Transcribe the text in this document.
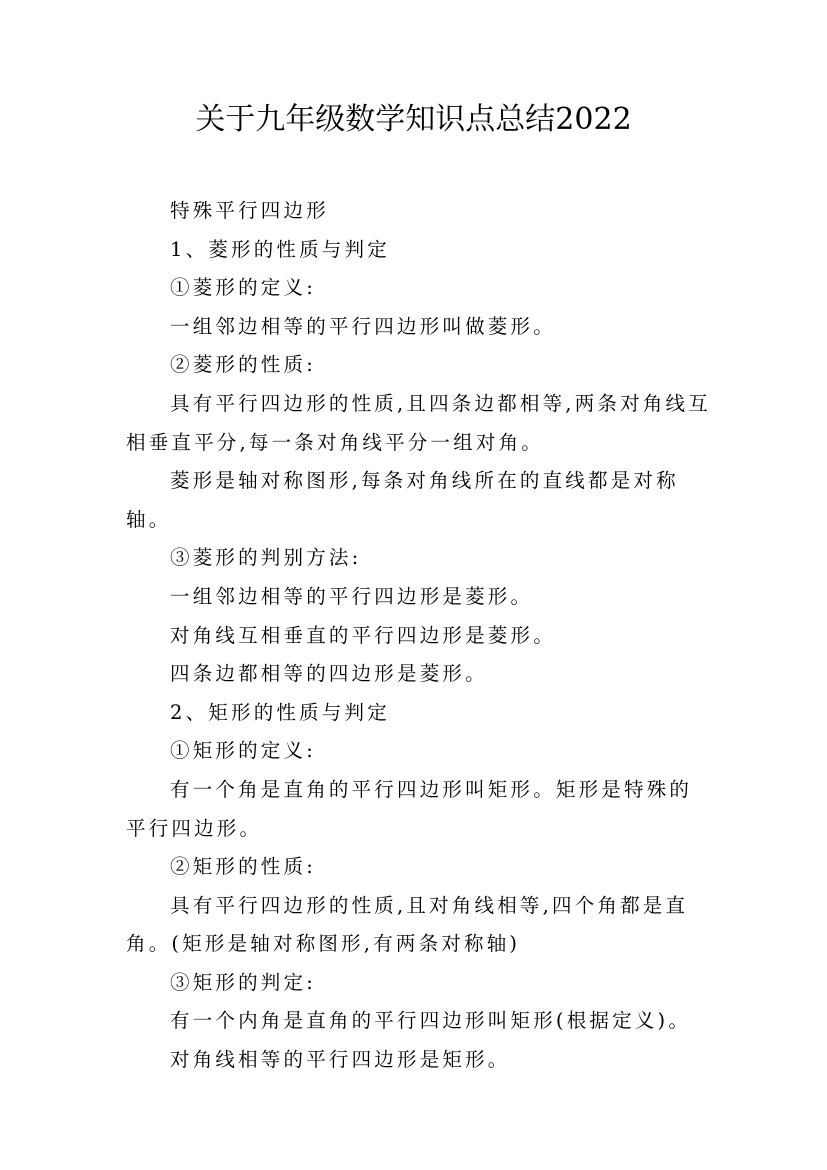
关于九年级数学知识点总结2022

特殊平行四边形

1、菱形的性质与判定

①菱形的定义:

一组邻边相等的平行四边形叫做菱形。

②菱形的性质:

具有平行四边形的性质,且四条边都相等,两条对角线互相垂直平分,每一条对角线平分一组对角。

菱形是轴对称图形,每条对角线所在的直线都是对称轴。

③菱形的判别方法:

一组邻边相等的平行四边形是菱形。

对角线互相垂直的平行四边形是菱形。

四条边都相等的四边形是菱形。

2、矩形的性质与判定

①矩形的定义:

有一个角是直角的平行四边形叫矩形。矩形是特殊的平行四边形。

②矩形的性质:

具有平行四边形的性质,且对角线相等,四个角都是直角。(矩形是轴对称图形,有两条对称轴)

③矩形的判定:

有一个内角是直角的平行四边形叫矩形(根据定义)。

对角线相等的平行四边形是矩形。
